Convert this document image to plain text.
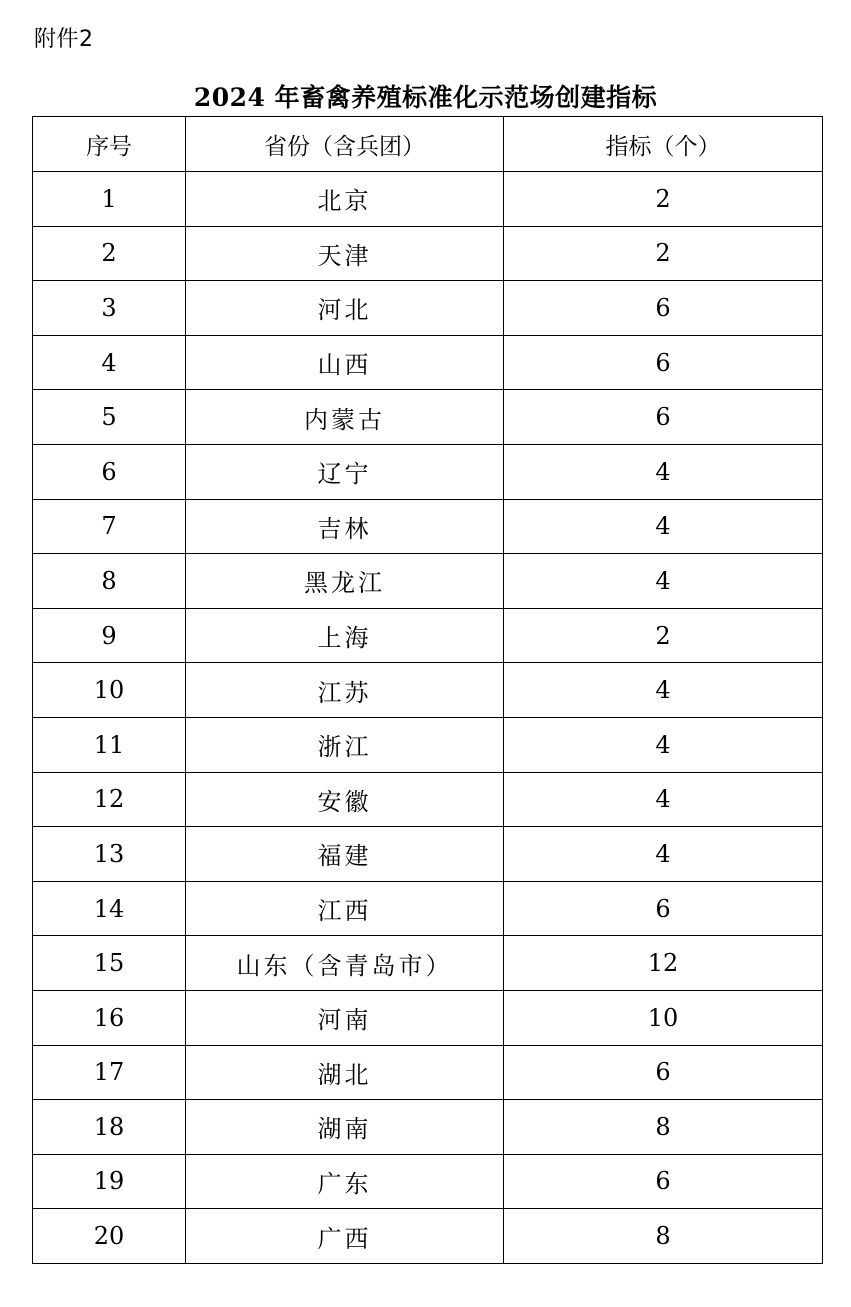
附件2
2024 年畜禽养殖标准化示范场创建指标
序号	省份（含兵团）	指标（个）
1	北京	2
2	天津	2
3	河北	6
4	山西	6
5	内蒙古	6
6	辽宁	4
7	吉林	4
8	黑龙江	4
9	上海	2
10	江苏	4
11	浙江	4
12	安徽	4
13	福建	4
14	江西	6
15	山东（含青岛市）	12
16	河南	10
17	湖北	6
18	湖南	8
19	广东	6
20	广西	8
